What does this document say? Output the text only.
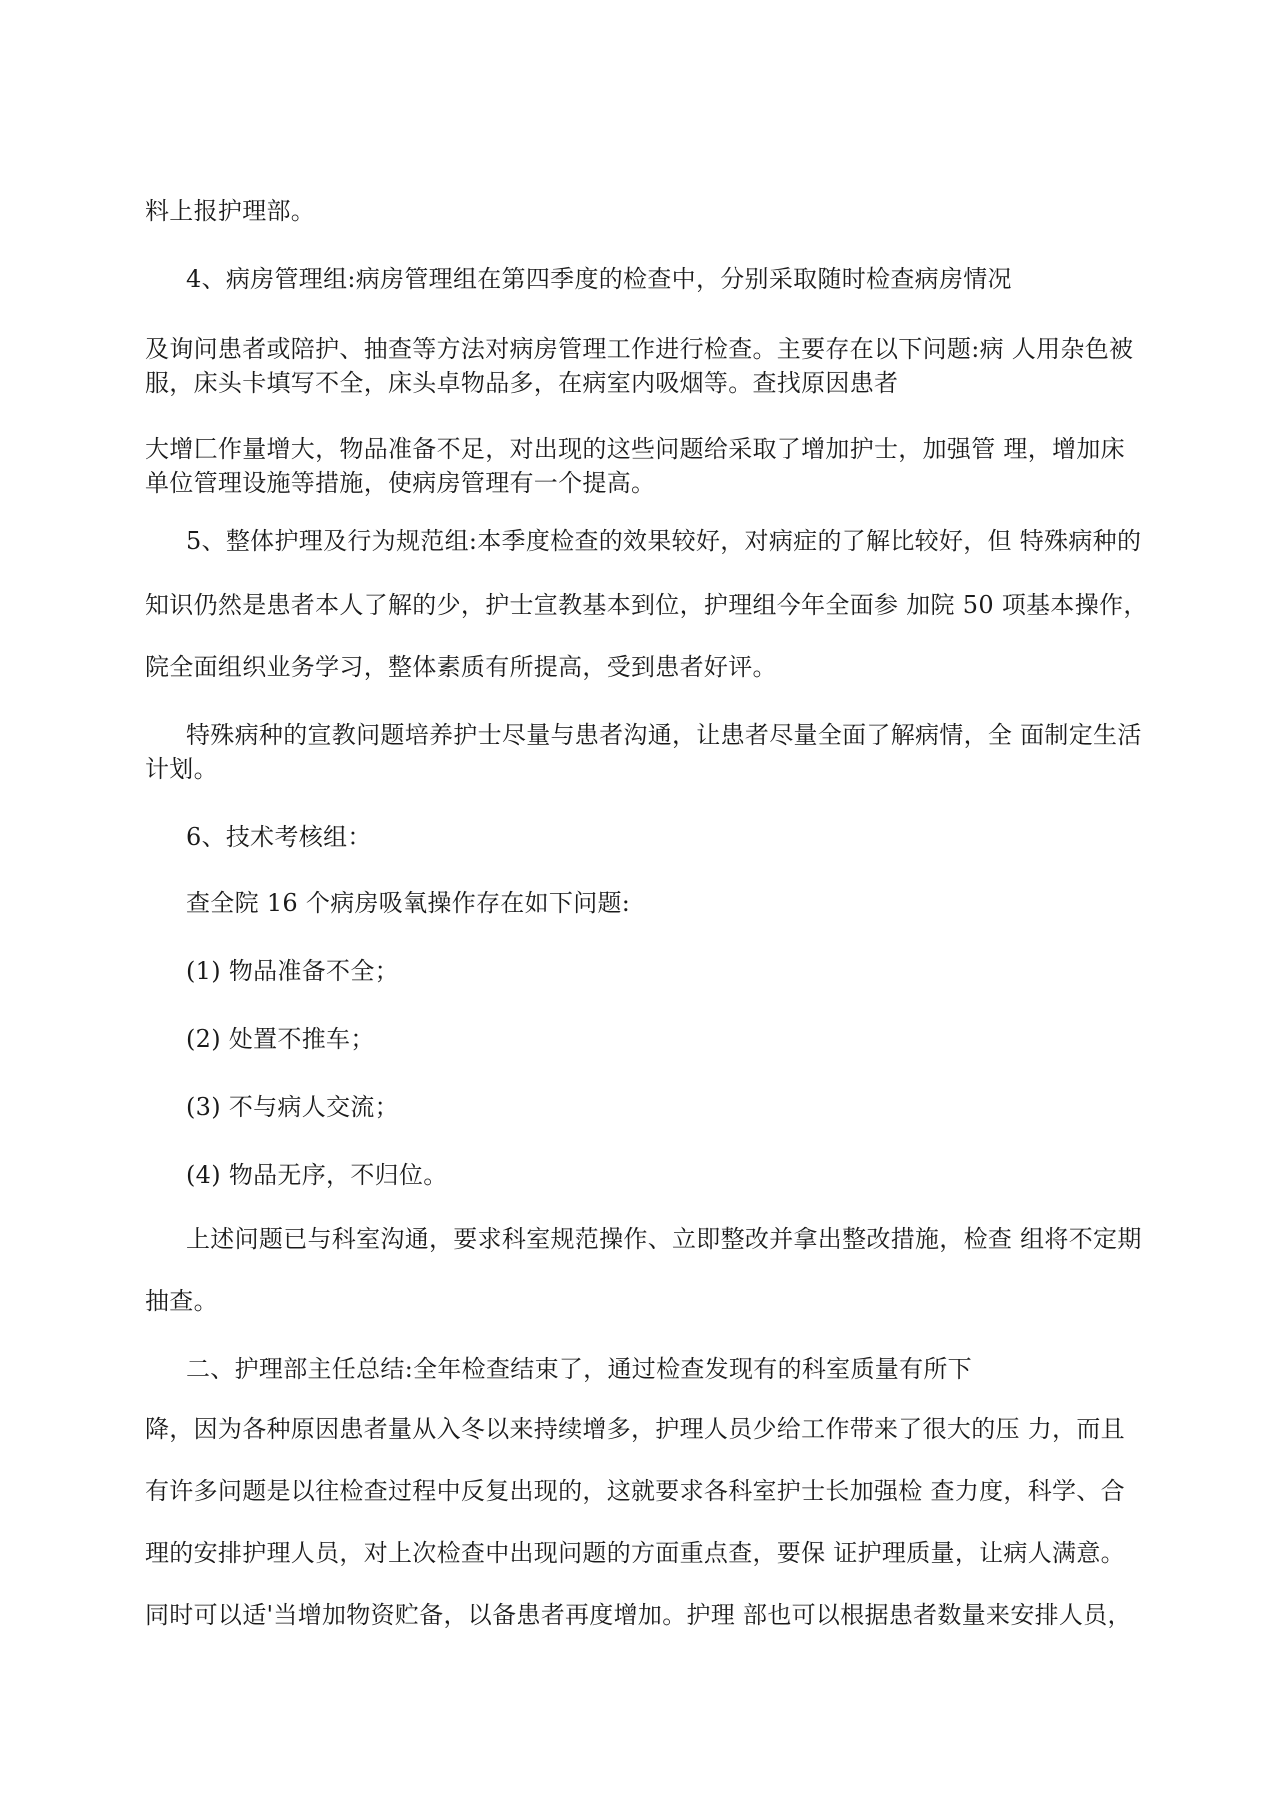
料上报护理部。
4、病房管理组:病房管理组在第四季度的检查中，分别采取随时检查病房情况
及询问患者或陪护、抽查等方法对病房管理工作进行检查。主要存在以下问题:病 人用杂色被
服，床头卡填写不全，床头卓物品多，在病室内吸烟等。查找原因患者
大增匚作量增大，物品准备不足，对出现的这些问题给采取了增加护士，加强管 理，增加床
单位管理设施等措施，使病房管理有一个提高。
5、整体护理及行为规范组:本季度检查的效果较好，对病症的了解比较好，但 特殊病种的
知识仍然是患者本人了解的少，护士宣教基本到位，护理组今年全面参 加院 50 项基本操作，
院全面组织业务学习，整体素质有所提高，受到患者好评。
特殊病种的宣教问题培养护士尽量与患者沟通，让患者尽量全面了解病情，全 面制定生活
计划。
6、技术考核组：
查全院 16 个病房吸氧操作存在如下问题:
(1) 物品准备不全；
(2) 处置不推车；
(3) 不与病人交流；
(4) 物品无序，不归位。
上述问题已与科室沟通，要求科室规范操作、立即整改并拿出整改措施，检查 组将不定期
抽查。
二、护理部主任总结:全年检查结束了，通过检查发现有的科室质量有所下
降，因为各种原因患者量从入冬以来持续增多，护理人员少给工作带来了很大的压 力，而且
有许多问题是以往检查过程中反复出现的，这就要求各科室护士长加强检 查力度，科学、合
理的安排护理人员，对上次检查中出现问题的方面重点查，要保 证护理质量，让病人满意。
同时可以适'当增加物资贮备，以备患者再度增加。护理 部也可以根据患者数量来安排人员，
